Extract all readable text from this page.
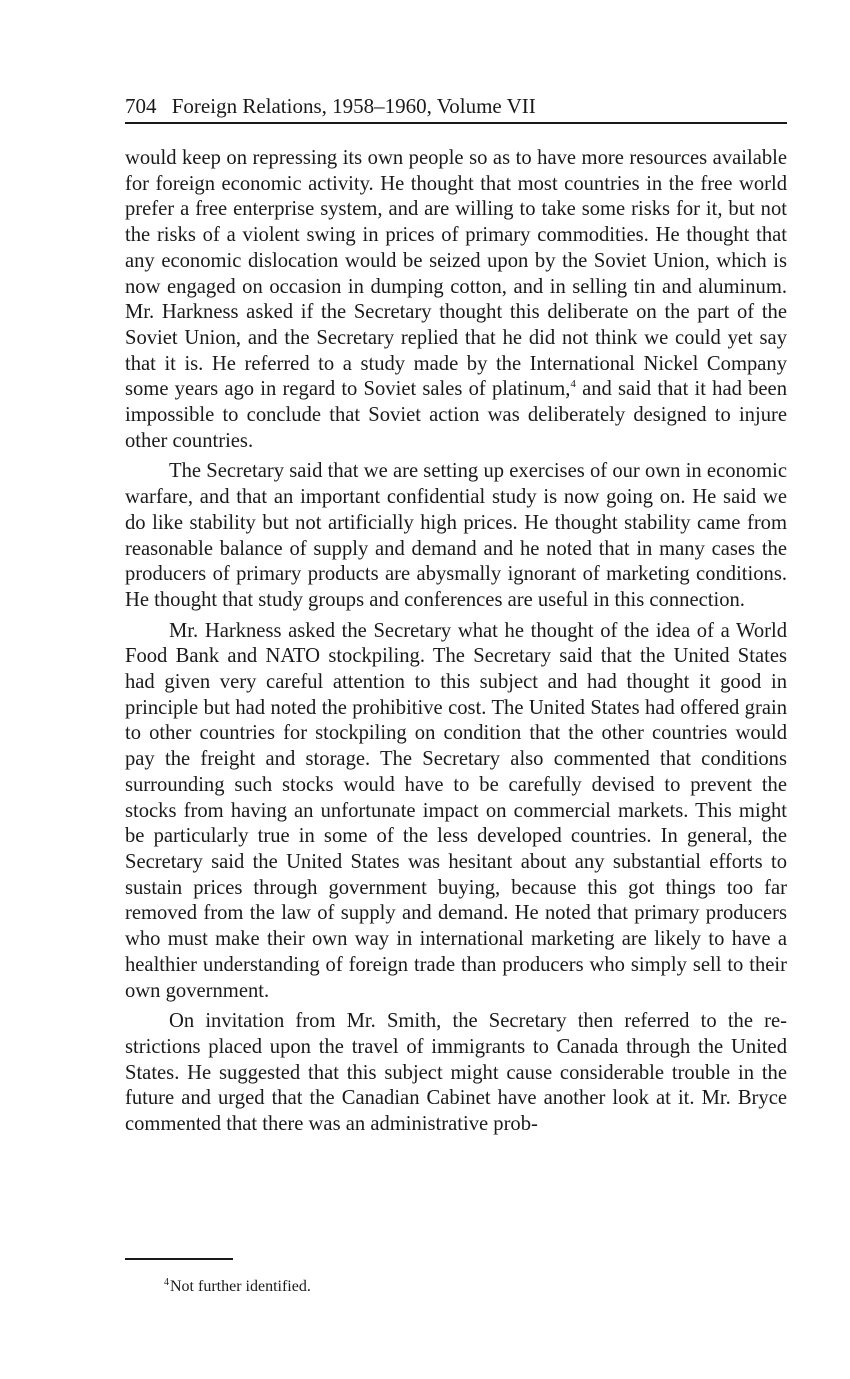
704 Foreign Relations, 1958–1960, Volume VII

would keep on repressing its own people so as to have more resources available for foreign economic activity. He thought that most countries in the free world prefer a free enterprise system, and are willing to take some risks for it, but not the risks of a violent swing in prices of primary commodities. He thought that any economic dislocation would be seized upon by the Soviet Union, which is now engaged on occasion in dumping cotton, and in selling tin and aluminum. Mr. Harkness asked if the Secretary thought this deliberate on the part of the Soviet Union, and the Secretary replied that he did not think we could yet say that it is. He referred to a study made by the International Nickel Company some years ago in regard to Soviet sales of platinum,$^4$ and said that it had been impossible to conclude that Soviet action was deliberately designed to injure other countries.

The Secretary said that we are setting up exercises of our own in economic warfare, and that an important confidential study is now going on. He said we do like stability but not artificially high prices. He thought stability came from reasonable balance of supply and demand and he noted that in many cases the producers of primary products are abysmally ignorant of marketing conditions. He thought that study groups and conferences are useful in this connection.

Mr. Harkness asked the Secretary what he thought of the idea of a World Food Bank and NATO stockpiling. The Secretary said that the United States had given very careful attention to this subject and had thought it good in principle but had noted the prohibitive cost. The United States had offered grain to other countries for stockpiling on condition that the other countries would pay the freight and storage. The Secretary also commented that conditions surrounding such stocks would have to be carefully devised to prevent the stocks from having an unfortunate impact on commercial markets. This might be particularly true in some of the less developed countries. In general, the Secretary said the United States was hesitant about any substantial efforts to sustain prices through government buying, because this got things too far removed from the law of supply and demand. He noted that primary producers who must make their own way in international marketing are likely to have a healthier understanding of foreign trade than producers who simply sell to their own government.

On invitation from Mr. Smith, the Secretary then referred to the restrictions placed upon the travel of immigrants to Canada through the United States. He suggested that this subject might cause considerable trouble in the future and urged that the Canadian Cabinet have another look at it. Mr. Bryce commented that there was an administrative prob-

$^4$Not further identified.
